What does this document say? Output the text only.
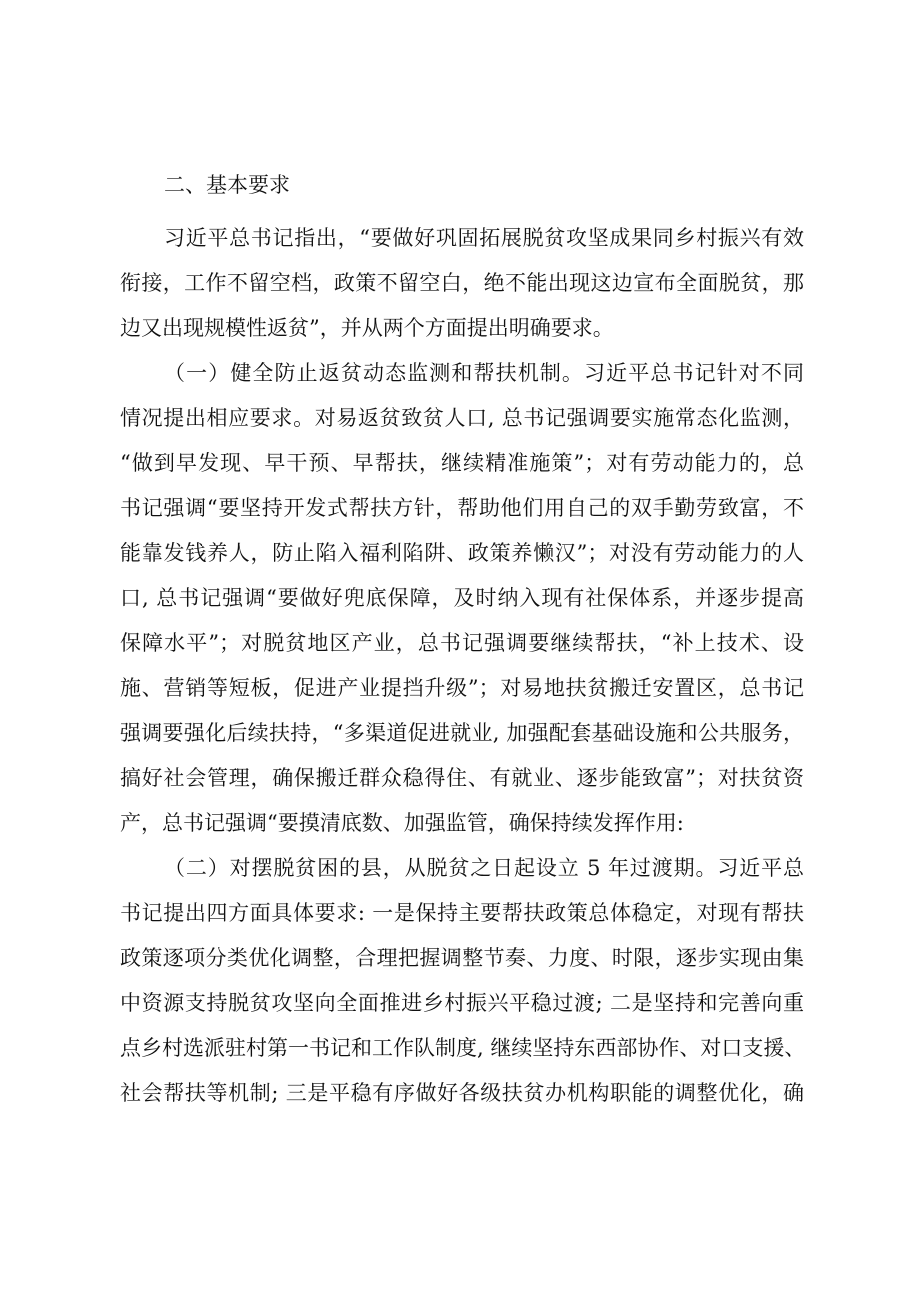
二、基本要求
习近平总书记指出，“要做好巩固拓展脱贫攻坚成果同乡村振兴有效
衔接，工作不留空档，政策不留空白，绝不能出现这边宣布全面脱贫，那
边又出现规模性返贫”，并从两个方面提出明确要求。
（一）健全防止返贫动态监测和帮扶机制。习近平总书记针对不同
情况提出相应要求。对易返贫致贫人口, 总书记强调要实施常态化监测，
“做到早发现、早干预、早帮扶，继续精准施策”；对有劳动能力的，总
书记强调“要坚持开发式帮扶方针，帮助他们用自己的双手勤劳致富，不
能靠发钱养人，防止陷入福利陷阱、政策养懒汉”；对没有劳动能力的人
口, 总书记强调“要做好兜底保障，及时纳入现有社保体系，并逐步提高
保障水平”；对脱贫地区产业，总书记强调要继续帮扶，“补上技术、设
施、营销等短板，促进产业提挡升级”；对易地扶贫搬迁安置区，总书记
强调要强化后续扶持，“多渠道促进就业, 加强配套基础设施和公共服务，
搞好社会管理，确保搬迁群众稳得住、有就业、逐步能致富”；对扶贫资
产，总书记强调“要摸清底数、加强监管，确保持续发挥作用:
（二）对摆脱贫困的县，从脱贫之日起设立 5 年过渡期。习近平总
书记提出四方面具体要求: 一是保持主要帮扶政策总体稳定，对现有帮扶
政策逐项分类优化调整，合理把握调整节奏、力度、时限，逐步实现由集
中资源支持脱贫攻坚向全面推进乡村振兴平稳过渡; 二是坚持和完善向重
点乡村选派驻村第一书记和工作队制度, 继续坚持东西部协作、对口支援、
社会帮扶等机制; 三是平稳有序做好各级扶贫办机构职能的调整优化，确
